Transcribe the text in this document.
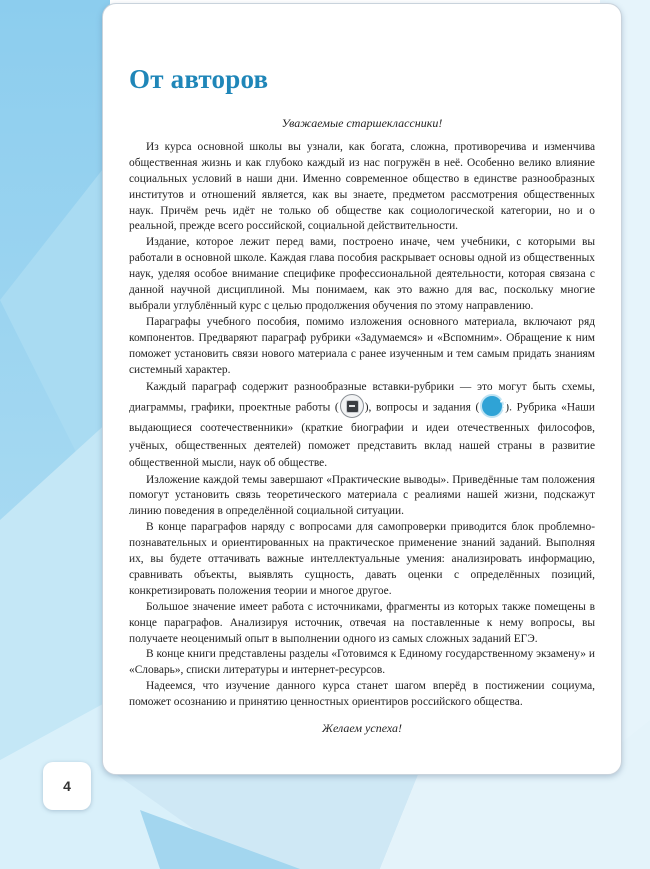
От авторов

Уважаемые старшеклассники!

Из курса основной школы вы узнали, как богата, сложна, противоречива и изменчива общественная жизнь и как глубоко каждый из нас погружён в неё. Особенно велико влияние социальных условий в наши дни. Именно современное общество в единстве разнообразных институтов и отношений является, как вы знаете, предметом рассмотрения общественных наук. Причём речь идёт не только об обществе как социологической категории, но и о реальной, прежде всего российской, социальной действительности.

Издание, которое лежит перед вами, построено иначе, чем учебники, с которыми вы работали в основной школе. Каждая глава пособия раскрывает основы одной из общественных наук, уделяя особое внимание специфике профессиональной деятельности, которая связана с данной научной дисциплиной. Мы понимаем, как это важно для вас, поскольку многие выбрали углублённый курс с целью продолжения обучения по этому направлению.

Параграфы учебного пособия, помимо изложения основного материала, включают ряд компонентов. Предваряют параграф рубрики «Задумаемся» и «Вспомним». Обращение к ним поможет установить связи нового материала с ранее изученным и тем самым придать знаниям системный характер.

Каждый параграф содержит разнообразные вставки-рубрики — это могут быть схемы, диаграммы, графики, проектные работы ( ), вопросы и задания ( ?). Рубрика «Наши выдающиеся соотечественники» (краткие биографии и идеи отечественных философов, учёных, общественных деятелей) поможет представить вклад нашей страны в развитие общественной мысли, наук об обществе.

Изложение каждой темы завершают «Практические выводы». Приведённые там положения помогут установить связь теоретического материала с реалиями нашей жизни, подскажут линию поведения в определённой социальной ситуации.

В конце параграфов наряду с вопросами для самопроверки приводится блок проблемно-познавательных и ориентированных на практическое применение знаний заданий. Выполняя их, вы будете оттачивать важные интеллектуальные умения: анализировать информацию, сравнивать объекты, выявлять сущность, давать оценки с определённых позиций, конкретизировать положения теории и многое другое.

Большое значение имеет работа с источниками, фрагменты из которых также помещены в конце параграфов. Анализируя источник, отвечая на поставленные к нему вопросы, вы получаете неоценимый опыт в выполнении одного из самых сложных заданий ЕГЭ.

В конце книги представлены разделы «Готовимся к Единому государственному экзамену» и «Словарь», списки литературы и интернет-ресурсов.

Надеемся, что изучение данного курса станет шагом вперёд в постижении социума, поможет осознанию и принятию ценностных ориентиров российского общества.

Желаем успеха!

4
